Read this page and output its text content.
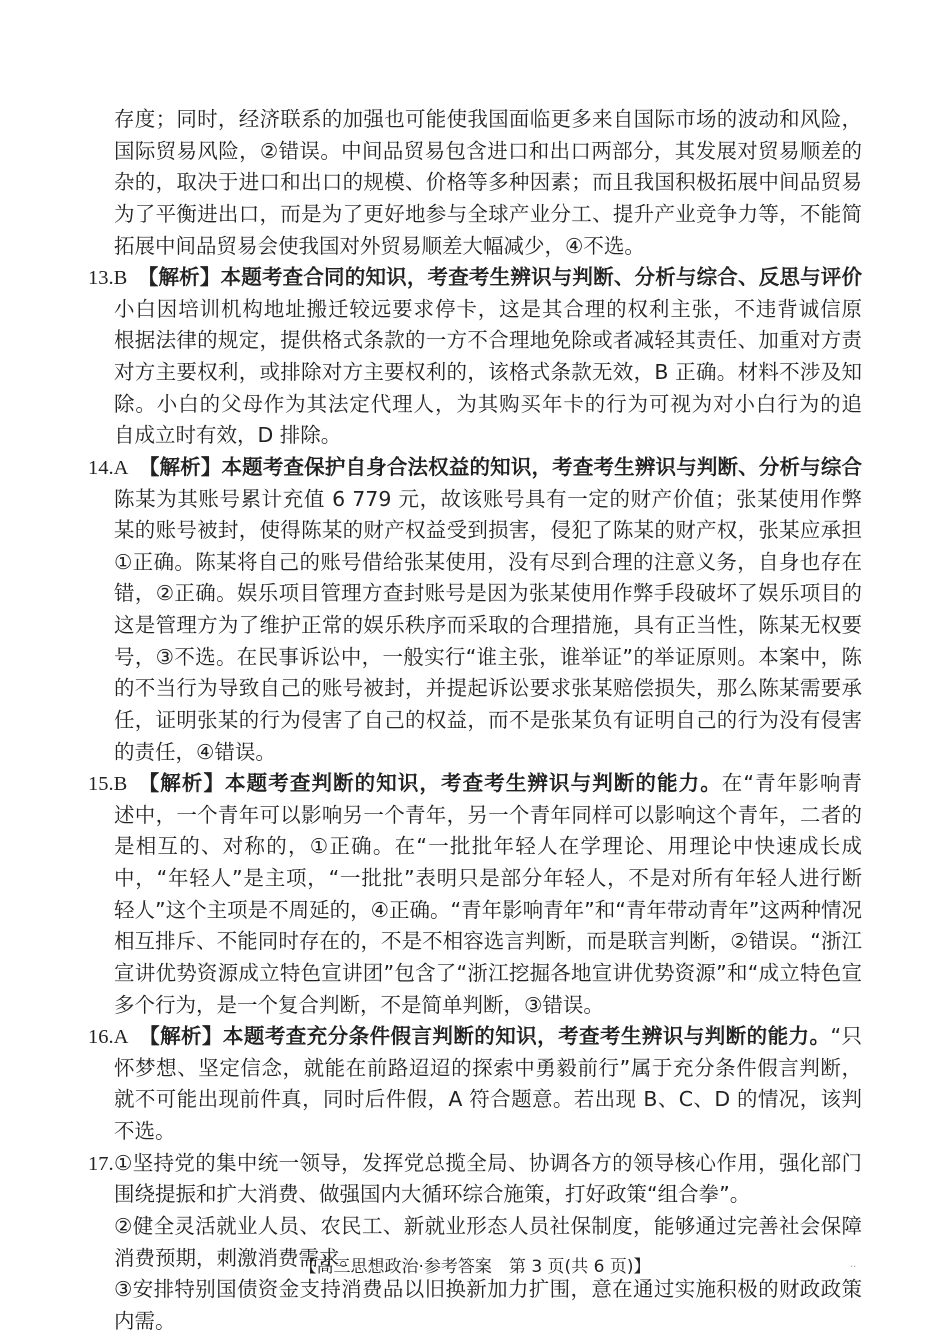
存度；同时，经济联系的加强也可能使我国面临更多来自国际市场的波动和风险，
国际贸易风险，②错误。中间品贸易包含进口和出口两部分，其发展对贸易顺差的
杂的，取决于进口和出口的规模、价格等多种因素；而且我国积极拓展中间品贸易
为了平衡进出口，而是为了更好地参与全球产业分工、提升产业竞争力等，不能简
拓展中间品贸易会使我国对外贸易顺差大幅减少，④不选。
13.B  【解析】本题考查合同的知识，考查考生辨识与判断、分析与综合、反思与评价
小白因培训机构地址搬迁较远要求停卡，这是其合理的权利主张，不违背诚信原
根据法律的规定，提供格式条款的一方不合理地免除或者减轻其责任、加重对方责
对方主要权利，或排除对方主要权利的，该格式条款无效，B 正确。材料不涉及知
除。小白的父母作为其法定代理人，为其购买年卡的行为可视为对小白行为的追
自成立时有效，D 排除。
14.A  【解析】本题考查保护自身合法权益的知识，考查考生辨识与判断、分析与综合
陈某为其账号累计充值 6 779 元，故该账号具有一定的财产价值；张某使用作弊
某的账号被封，使得陈某的财产权益受到损害，侵犯了陈某的财产权，张某应承担
①正确。陈某将自己的账号借给张某使用，没有尽到合理的注意义务，自身也存在
错，②正确。娱乐项目管理方查封账号是因为张某使用作弊手段破坏了娱乐项目的
这是管理方为了维护正常的娱乐秩序而采取的合理措施，具有正当性，陈某无权要
号，③不选。在民事诉讼中，一般实行“谁主张，谁举证”的举证原则。本案中，陈
的不当行为导致自己的账号被封，并提起诉讼要求张某赔偿损失，那么陈某需要承
任，证明张某的行为侵害了自己的权益，而不是张某负有证明自己的行为没有侵害
的责任，④错误。
15.B  【解析】本题考查判断的知识，考查考生辨识与判断的能力。在“青年影响青
述中，一个青年可以影响另一个青年，另一个青年同样可以影响这个青年，二者的
是相互的、对称的，①正确。在“一批批年轻人在学理论、用理论中快速成长成
中，“年轻人”是主项，“一批批”表明只是部分年轻人，不是对所有年轻人进行断
轻人”这个主项是不周延的，④正确。“青年影响青年”和“青年带动青年”这两种情况
相互排斥、不能同时存在的，不是不相容选言判断，而是联言判断，②错误。“浙江
宣讲优势资源成立特色宣讲团”包含了“浙江挖掘各地宣讲优势资源”和“成立特色宣
多个行为，是一个复合判断，不是简单判断，③错误。
16.A  【解析】本题考查充分条件假言判断的知识，考查考生辨识与判断的能力。“只
怀梦想、坚定信念，就能在前路迢迢的探索中勇毅前行”属于充分条件假言判断，
就不可能出现前件真，同时后件假，A 符合题意。若出现 B、C、D 的情况，该判
不选。
17.①坚持党的集中统一领导，发挥党总揽全局、协调各方的领导核心作用，强化部门
围绕提振和扩大消费、做强国内大循环综合施策，打好政策“组合拳”。
②健全灵活就业人员、农民工、新就业形态人员社保制度，能够通过完善社会保障
消费预期，刺激消费需求。
③安排特别国债资金支持消费品以旧换新加力扩围，意在通过实施积极的财政政策
内需。
【高三思想政治·参考答案　第 3 页(共 6 页)】	··
